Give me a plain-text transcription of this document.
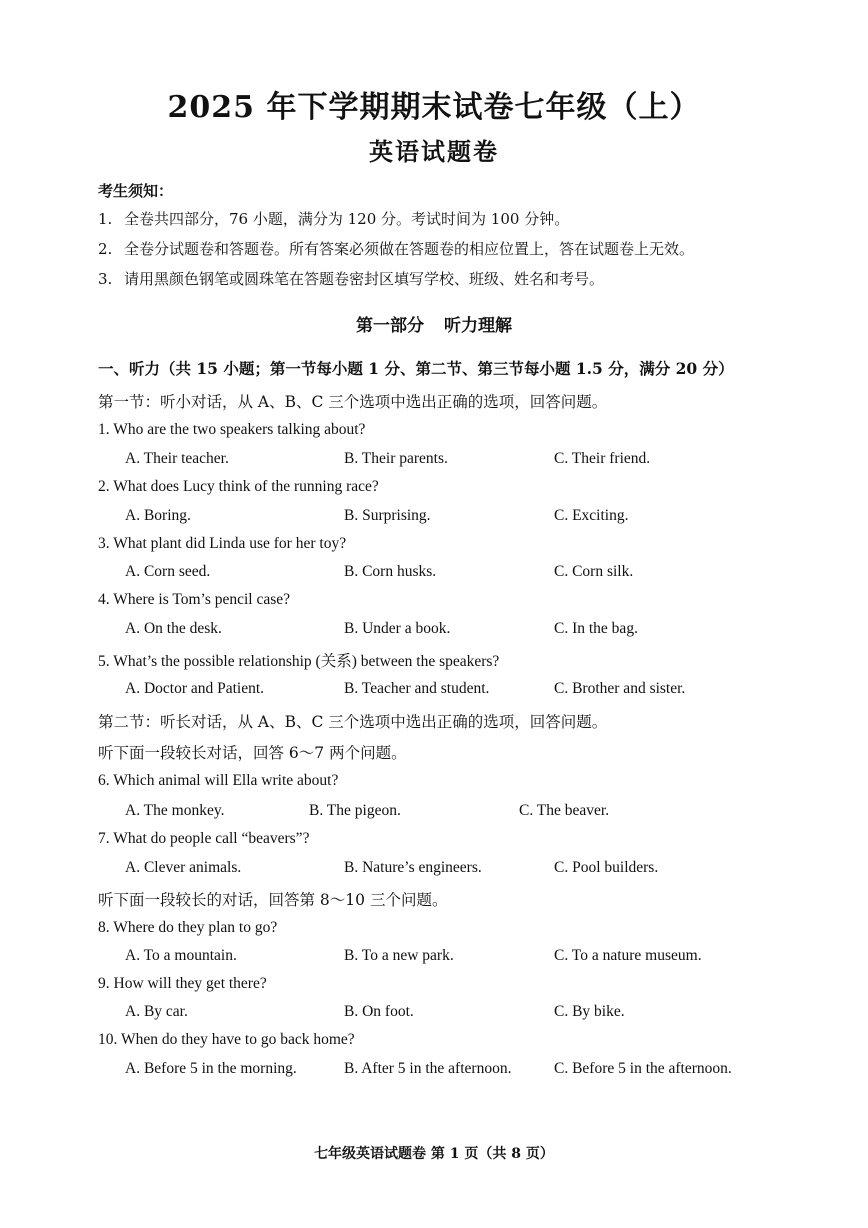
2025 年下学期期末试卷七年级（上）
英语试题卷
考生须知：
1. 全卷共四部分，76 小题，满分为 120 分。考试时间为 100 分钟。
2. 全卷分试题卷和答题卷。所有答案必须做在答题卷的相应位置上，答在试题卷上无效。
3. 请用黑颜色钢笔或圆珠笔在答题卷密封区填写学校、班级、姓名和考号。
第一部分 听力理解
一、听力（共 15 小题；第一节每小题 1 分、第二节、第三节每小题 1.5 分，满分 20 分）
第一节：听小对话，从 A、B、C 三个选项中选出正确的选项，回答问题。
1. Who are the two speakers talking about?
A. Their teacher.	B. Their parents.	C. Their friend.
2. What does Lucy think of the running race?
A. Boring.	B. Surprising.	C. Exciting.
3. What plant did Linda use for her toy?
A. Corn seed.	B. Corn husks.	C. Corn silk.
4. Where is Tom’s pencil case?
A. On the desk.	B. Under a book.	C. In the bag.
5. What’s the possible relationship (关系) between the speakers?
A. Doctor and Patient.	B. Teacher and student.	C. Brother and sister.
第二节：听长对话，从 A、B、C 三个选项中选出正确的选项，回答问题。
听下面一段较长对话，回答 6～7 两个问题。
6. Which animal will Ella write about?
A. The monkey.	B. The pigeon.	C. The beaver.
7. What do people call “beavers”?
A. Clever animals.	B. Nature’s engineers.	C. Pool builders.
听下面一段较长的对话，回答第 8～10 三个问题。
8. Where do they plan to go?
A. To a mountain.	B. To a new park.	C. To a nature museum.
9. How will they get there?
A. By car.	B. On foot.	C. By bike.
10. When do they have to go back home?
A. Before 5 in the morning.	B. After 5 in the afternoon.	C. Before 5 in the afternoon.
七年级英语试题卷 第 1 页（共 8 页）
